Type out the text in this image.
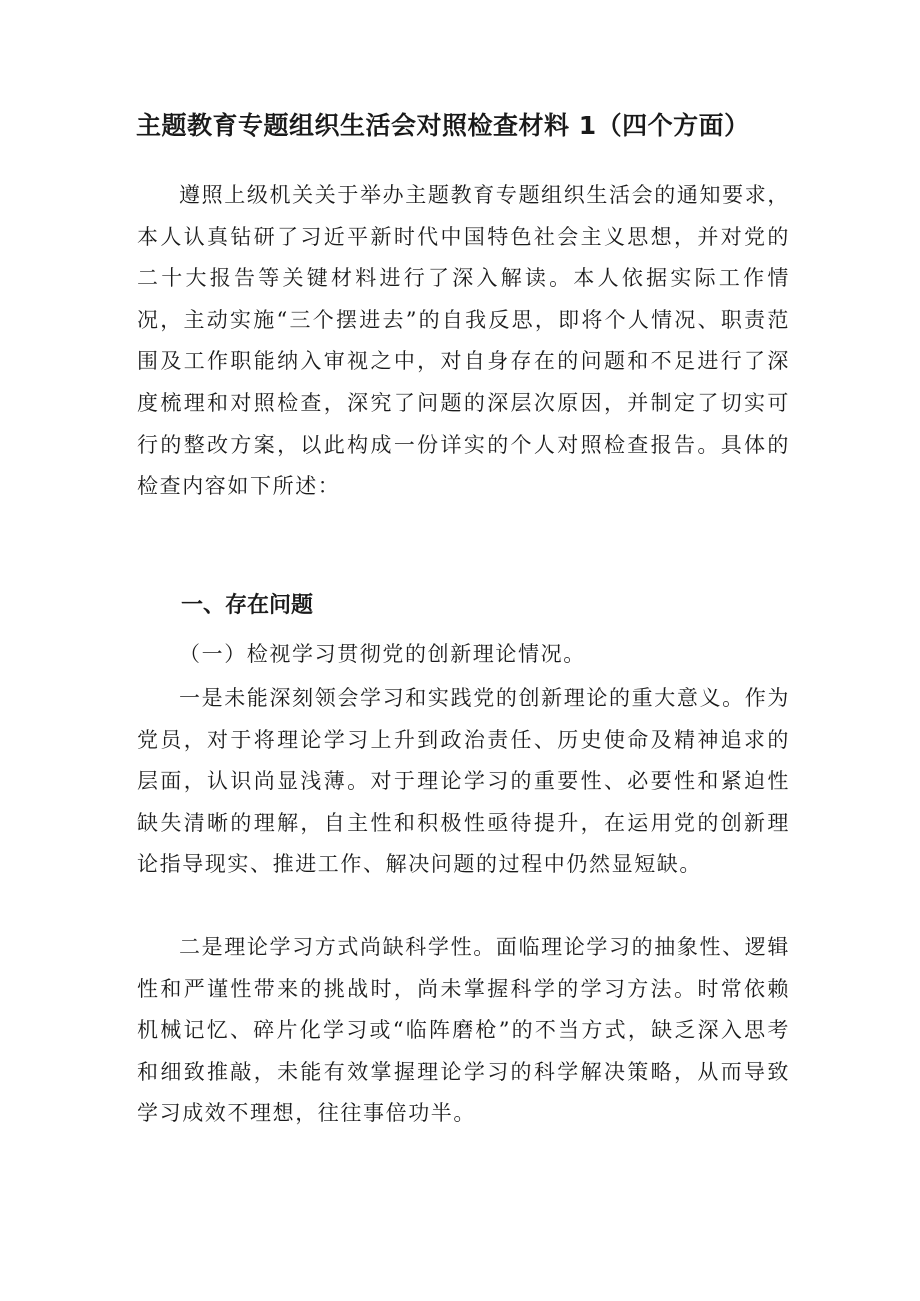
主题教育专题组织生活会对照检查材料 1（四个方面）

遵照上级机关关于举办主题教育专题组织生活会的通知要求，本人认真钻研了习近平新时代中国特色社会主义思想，并对党的二十大报告等关键材料进行了深入解读。本人依据实际工作情况，主动实施“三个摆进去”的自我反思，即将个人情况、职责范围及工作职能纳入审视之中，对自身存在的问题和不足进行了深度梳理和对照检查，深究了问题的深层次原因，并制定了切实可行的整改方案，以此构成一份详实的个人对照检查报告。具体的检查内容如下所述：

一、存在问题

（一）检视学习贯彻党的创新理论情况。

一是未能深刻领会学习和实践党的创新理论的重大意义。作为党员，对于将理论学习上升到政治责任、历史使命及精神追求的层面，认识尚显浅薄。对于理论学习的重要性、必要性和紧迫性缺失清晰的理解，自主性和积极性亟待提升，在运用党的创新理论指导现实、推进工作、解决问题的过程中仍然显短缺。

二是理论学习方式尚缺科学性。面临理论学习的抽象性、逻辑性和严谨性带来的挑战时，尚未掌握科学的学习方法。时常依赖机械记忆、碎片化学习或“临阵磨枪”的不当方式，缺乏深入思考和细致推敲，未能有效掌握理论学习的科学解决策略，从而导致学习成效不理想，往往事倍功半。
